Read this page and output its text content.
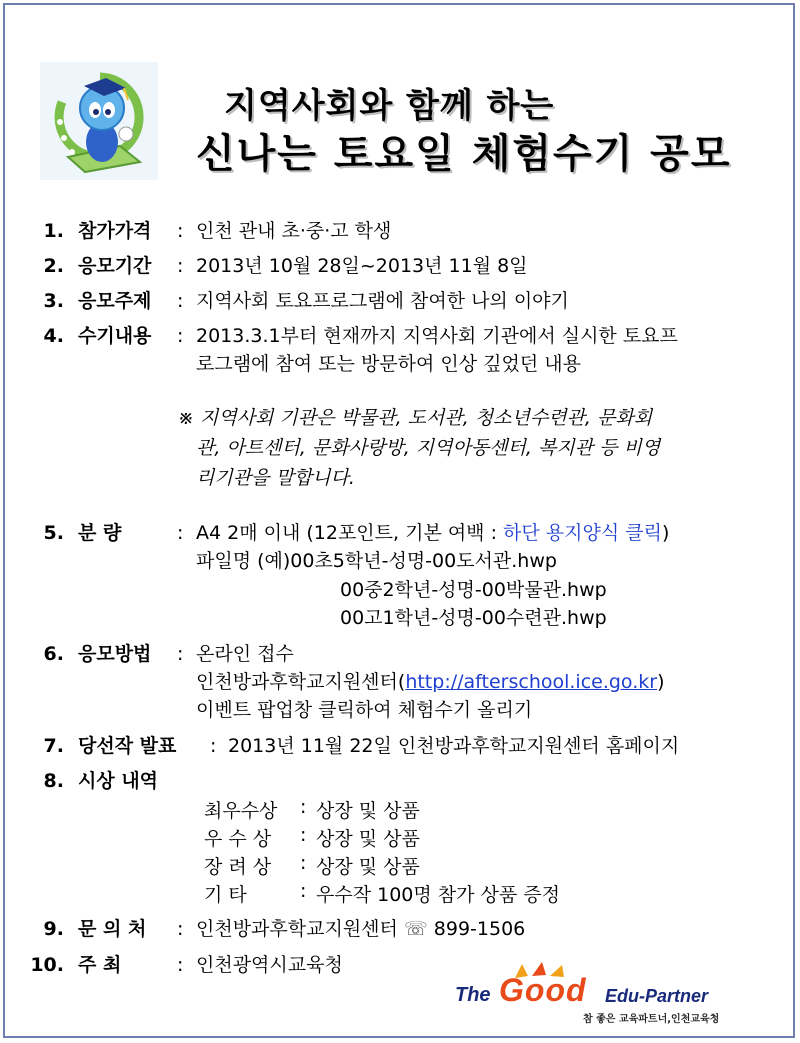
지역사회와 함께 하는
신나는 토요일 체험수기 공모
1. 참가가격 : 인천 관내 초·중·고 학생
2. 응모기간 : 2013년 10월 28일~2013년 11월 8일
3. 응모주제 : 지역사회 토요프로그램에 참여한 나의 이야기
4. 수기내용 : 2013.3.1부터 현재까지 지역사회 기관에서 실시한 토요프
로그램에 참여 또는 방문하여 인상 깊었던 내용
※ 지역사회 기관은 박물관, 도서관, 청소년수련관, 문화회
관, 아트센터, 문화사랑방, 지역아동센터, 복지관 등 비영
리기관을 말합니다.
5. 분 량	: A4 2매 이내 (12포인트, 기본 여백 : 하단 용지양식 클릭)
파일명 (예)00초5학년-성명-00도서관.hwp
00중2학년-성명-00박물관.hwp
00고1학년-성명-00수련관.hwp
6. 응모방법 : 온라인 접수
인천방과후학교지원센터(http://afterschool.ice.go.kr)
이벤트 팝업창 클릭하여 체험수기 올리기
7. 당선작 발표 : 2013년 11월 22일 인천방과후학교지원센터 홈페이지
8. 시상 내역
최우수상 : 상장 및 상품
우 수 상 : 상장 및 상품
장 려 상 : 상장 및 상품
기 타	: 우수작 100명 참가 상품 증정
9. 문 의 처 : 인천방과후학교지원센터 ☏ 899-1506
10. 주 최	: 인천광역시교육청
The Good Edu-Partner
참 좋은 교육파트너,인천교육청
